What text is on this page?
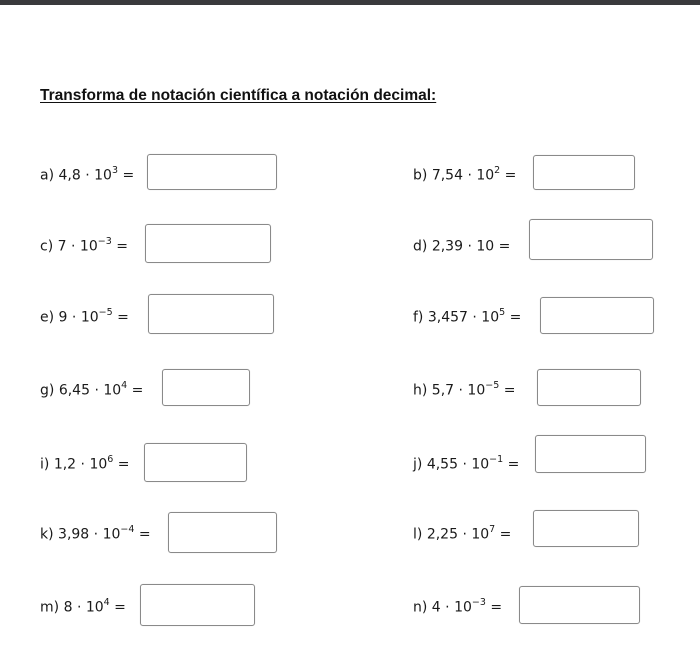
Transforma de notación científica a notación decimal:
a) $4,8 \cdot 10^3$ =	b) $7,54 \cdot 10^2$ =
c) $7 \cdot 10^{-3}$ =	d) 2,39 · 10 =
e) $9 \cdot 10^{-5}$ =	f) $3,457 \cdot 10^5$ =
g) $6,45 \cdot 10^4$ =	h) $5,7 \cdot 10^{-5}$ =
i) $1,2 \cdot 10^6$ =	j) $4,55 \cdot 10^{-1}$ =
k) $3,98 \cdot 10^{-4}$ =	l) $2,25 \cdot 10^7$ =
m) $8 \cdot 10^4$ =	n) $4 \cdot 10^{-3}$ =
